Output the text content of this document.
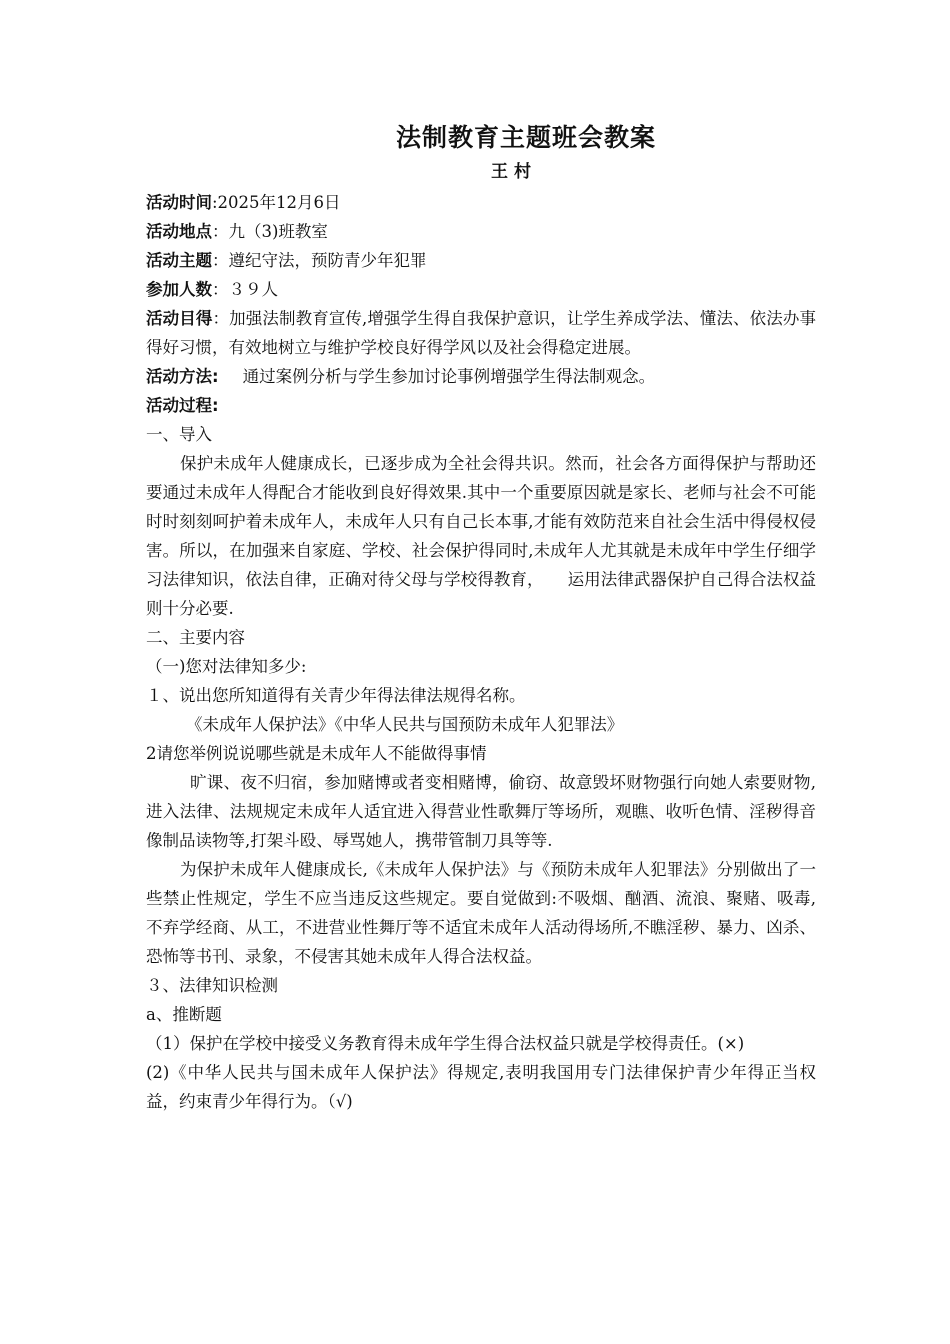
法制教育主题班会教案
王 村

活动时间:2025年12月6日

活动地点：九（3)班教室

活动主题：遵纪守法，预防青少年犯罪

参加人数：３９人

活动目得：加强法制教育宣传,增强学生得自我保护意识，让学生养成学法、懂法、依法办事得好习惯，有效地树立与维护学校良好得学风以及社会得稳定进展。

活动方法: 通过案例分析与学生参加讨论事例增强学生得法制观念。

活动过程:

一、导入

保护未成年人健康成长，已逐步成为全社会得共识。然而，社会各方面得保护与帮助还要通过未成年人得配合才能收到良好得效果.其中一个重要原因就是家长、老师与社会不可能时时刻刻呵护着未成年人，未成年人只有自己长本事,才能有效防范来自社会生活中得侵权侵害。所以，在加强来自家庭、学校、社会保护得同时,未成年人尤其就是未成年中学生仔细学习法律知识，依法自律，正确对待父母与学校得教育， 运用法律武器保护自己得合法权益则十分必要.

二、主要内容

（一)您对法律知多少:

１、说出您所知道得有关青少年得法律法规得名称。

《未成年人保护法》《中华人民共与国预防未成年人犯罪法》

2请您举例说说哪些就是未成年人不能做得事情

旷课、夜不归宿，参加赌博或者变相赌博，偷窃、故意毁坏财物强行向她人索要财物,进入法律、法规规定未成年人适宜进入得营业性歌舞厅等场所，观瞧、收听色情、淫秽得音像制品读物等,打架斗殴、辱骂她人，携带管制刀具等等.

为保护未成年人健康成长,《未成年人保护法》与《预防未成年人犯罪法》分别做出了一些禁止性规定，学生不应当违反这些规定。要自觉做到:不吸烟、酗酒、流浪、聚赌、吸毒,不弃学经商、从工，不进营业性舞厅等不适宜未成年人活动得场所,不瞧淫秽、暴力、凶杀、恐怖等书刊、录象，不侵害其她未成年人得合法权益。

３、法律知识检测

a、推断题

（1）保护在学校中接受义务教育得未成年学生得合法权益只就是学校得责任。(×)

(2)《中华人民共与国未成年人保护法》得规定,表明我国用专门法律保护青少年得正当权益，约束青少年得行为。（√)
